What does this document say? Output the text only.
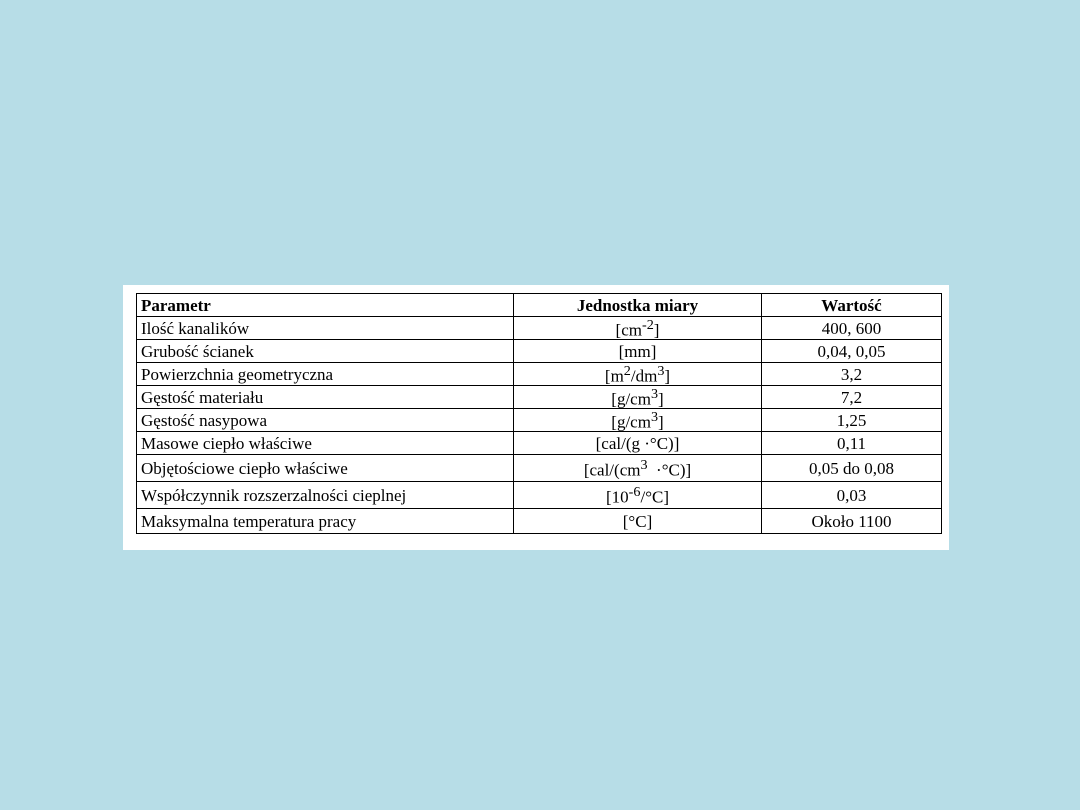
Parametr	Jednostka miary	Wartość
Ilość kanalików	$[cm^{-2}]$	400, 600
Grubość ścianek	[mm]	0,04, 0,05
Powierzchnia geometryczna	$[m^2/dm^3]$	3,2
Gęstość materiału	$[g/cm^3]$	7,2
Gęstość nasypowa	$[g/cm^3]$	1,25
Masowe ciepło właściwe	[cal/(g ·°C)]	0,11
Objętościowe ciepło właściwe	$[cal/(cm^3 \cdot^\circ C)]$	0,05 do 0,08
Współczynnik rozszerzalności cieplnej	$[10^{-6}/^\circ C]$	0,03
Maksymalna temperatura pracy	[°C]	Około 1100
